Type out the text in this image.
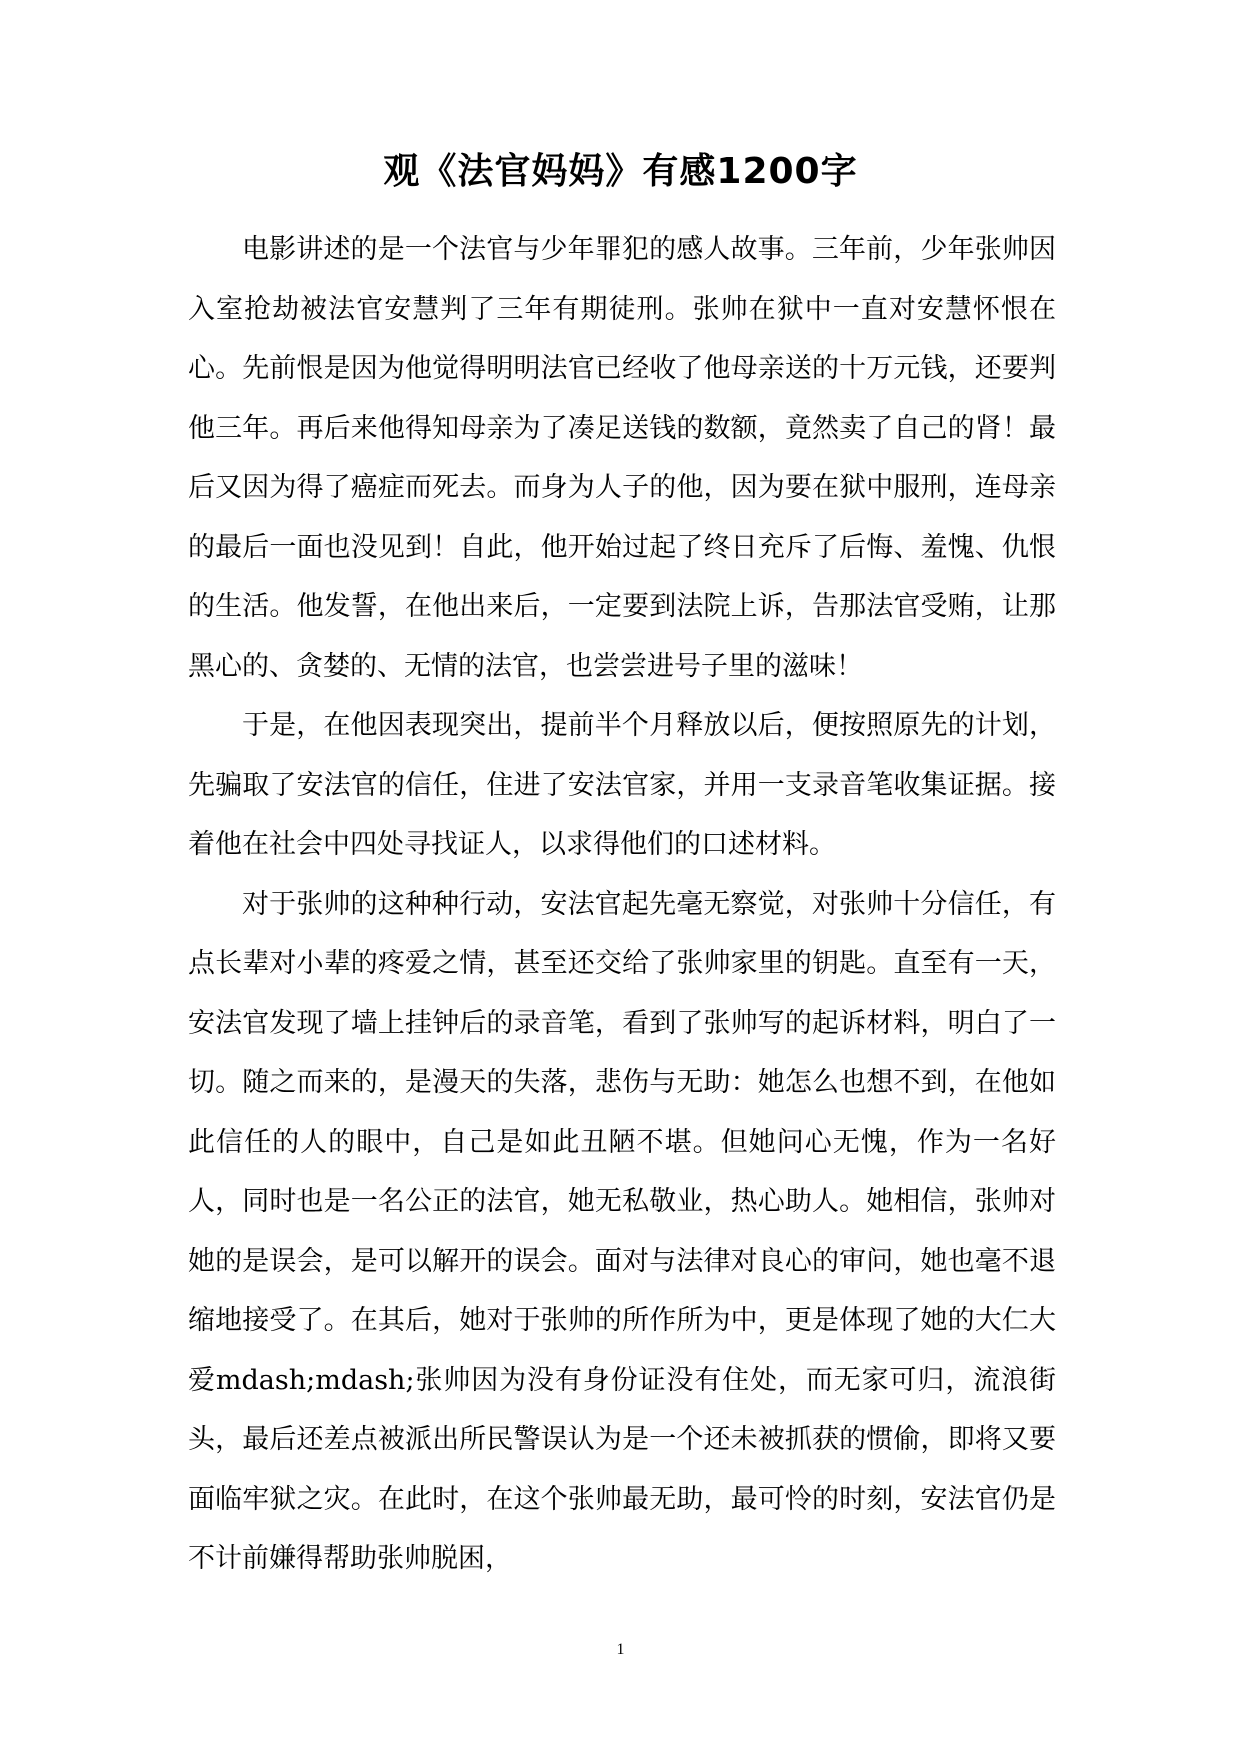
观《法官妈妈》有感1200字

电影讲述的是一个法官与少年罪犯的感人故事。三年前，少年张帅因入室抢劫被法官安慧判了三年有期徒刑。张帅在狱中一直对安慧怀恨在心。先前恨是因为他觉得明明法官已经收了他母亲送的十万元钱，还要判他三年。再后来他得知母亲为了凑足送钱的数额，竟然卖了自己的肾！最后又因为得了癌症而死去。而身为人子的他，因为要在狱中服刑，连母亲的最后一面也没见到！自此，他开始过起了终日充斥了后悔、羞愧、仇恨的生活。他发誓，在他出来后，一定要到法院上诉，告那法官受贿，让那黑心的、贪婪的、无情的法官，也尝尝进号子里的滋味！

于是，在他因表现突出，提前半个月释放以后，便按照原先的计划，先骗取了安法官的信任，住进了安法官家，并用一支录音笔收集证据。接着他在社会中四处寻找证人，以求得他们的口述材料。

对于张帅的这种种行动，安法官起先毫无察觉，对张帅十分信任，有点长辈对小辈的疼爱之情，甚至还交给了张帅家里的钥匙。直至有一天，安法官发现了墙上挂钟后的录音笔，看到了张帅写的起诉材料，明白了一切。随之而来的，是漫天的失落，悲伤与无助：她怎么也想不到，在他如此信任的人的眼中，自己是如此丑陋不堪。但她问心无愧，作为一名好人，同时也是一名公正的法官，她无私敬业，热心助人。她相信，张帅对她的是误会，是可以解开的误会。面对与法律对良心的审问，她也毫不退缩地接受了。在其后，她对于张帅的所作所为中，更是体现了她的大仁大爱mdash;mdash;张帅因为没有身份证没有住处，而无家可归，流浪街头，最后还差点被派出所民警误认为是一个还未被抓获的惯偷，即将又要面临牢狱之灾。在此时，在这个张帅最无助，最可怜的时刻，安法官仍是不计前嫌得帮助张帅脱困，

1
